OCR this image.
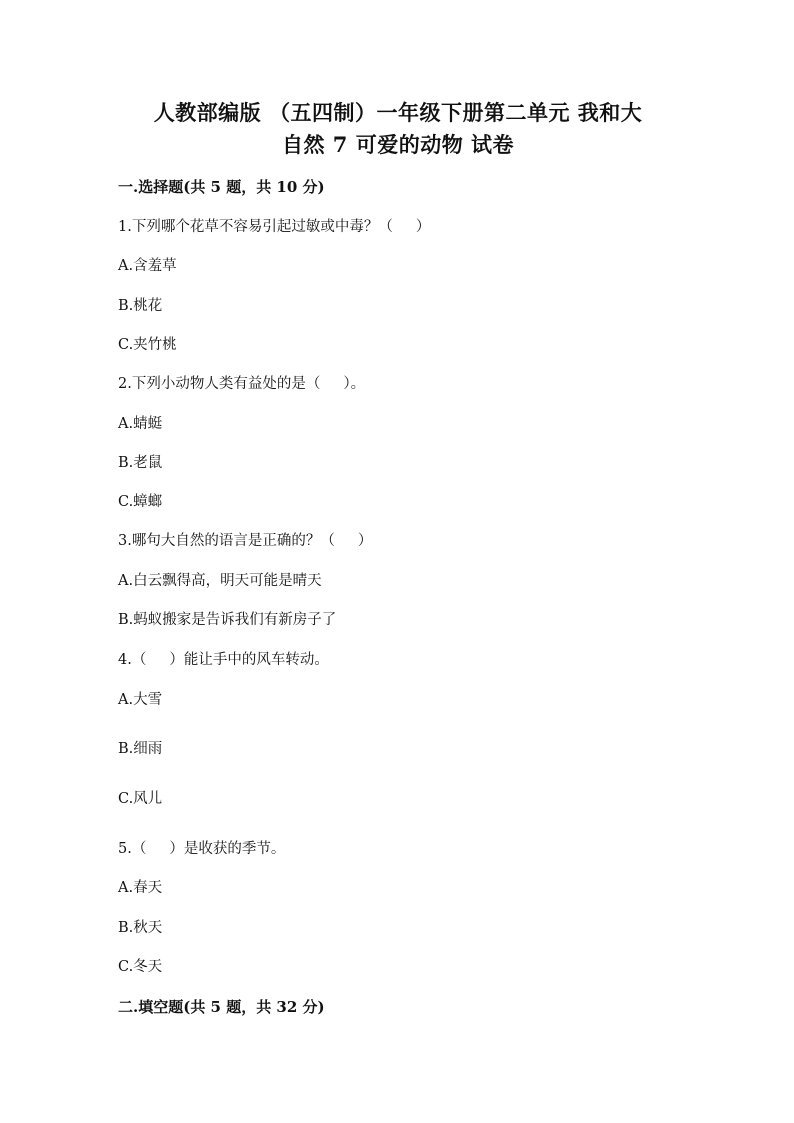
人教部编版 （五四制）一年级下册第二单元 我和大
自然 7 可爱的动物 试卷
一.选择题(共 5 题，共 10 分)
1.下列哪个花草不容易引起过敏或中毒？（     ）
A.含羞草
B.桃花
C.夹竹桃
2.下列小动物人类有益处的是（     ）。
A.蜻蜓
B.老鼠
C.蟑螂
3.哪句大自然的语言是正确的？（     ）
A.白云飘得高，明天可能是晴天
B.蚂蚁搬家是告诉我们有新房子了
4.（     ）能让手中的风车转动。
A.大雪
B.细雨
C.风儿
5.（     ）是收获的季节。
A.春天
B.秋天
C.冬天
二.填空题(共 5 题，共 32 分)
